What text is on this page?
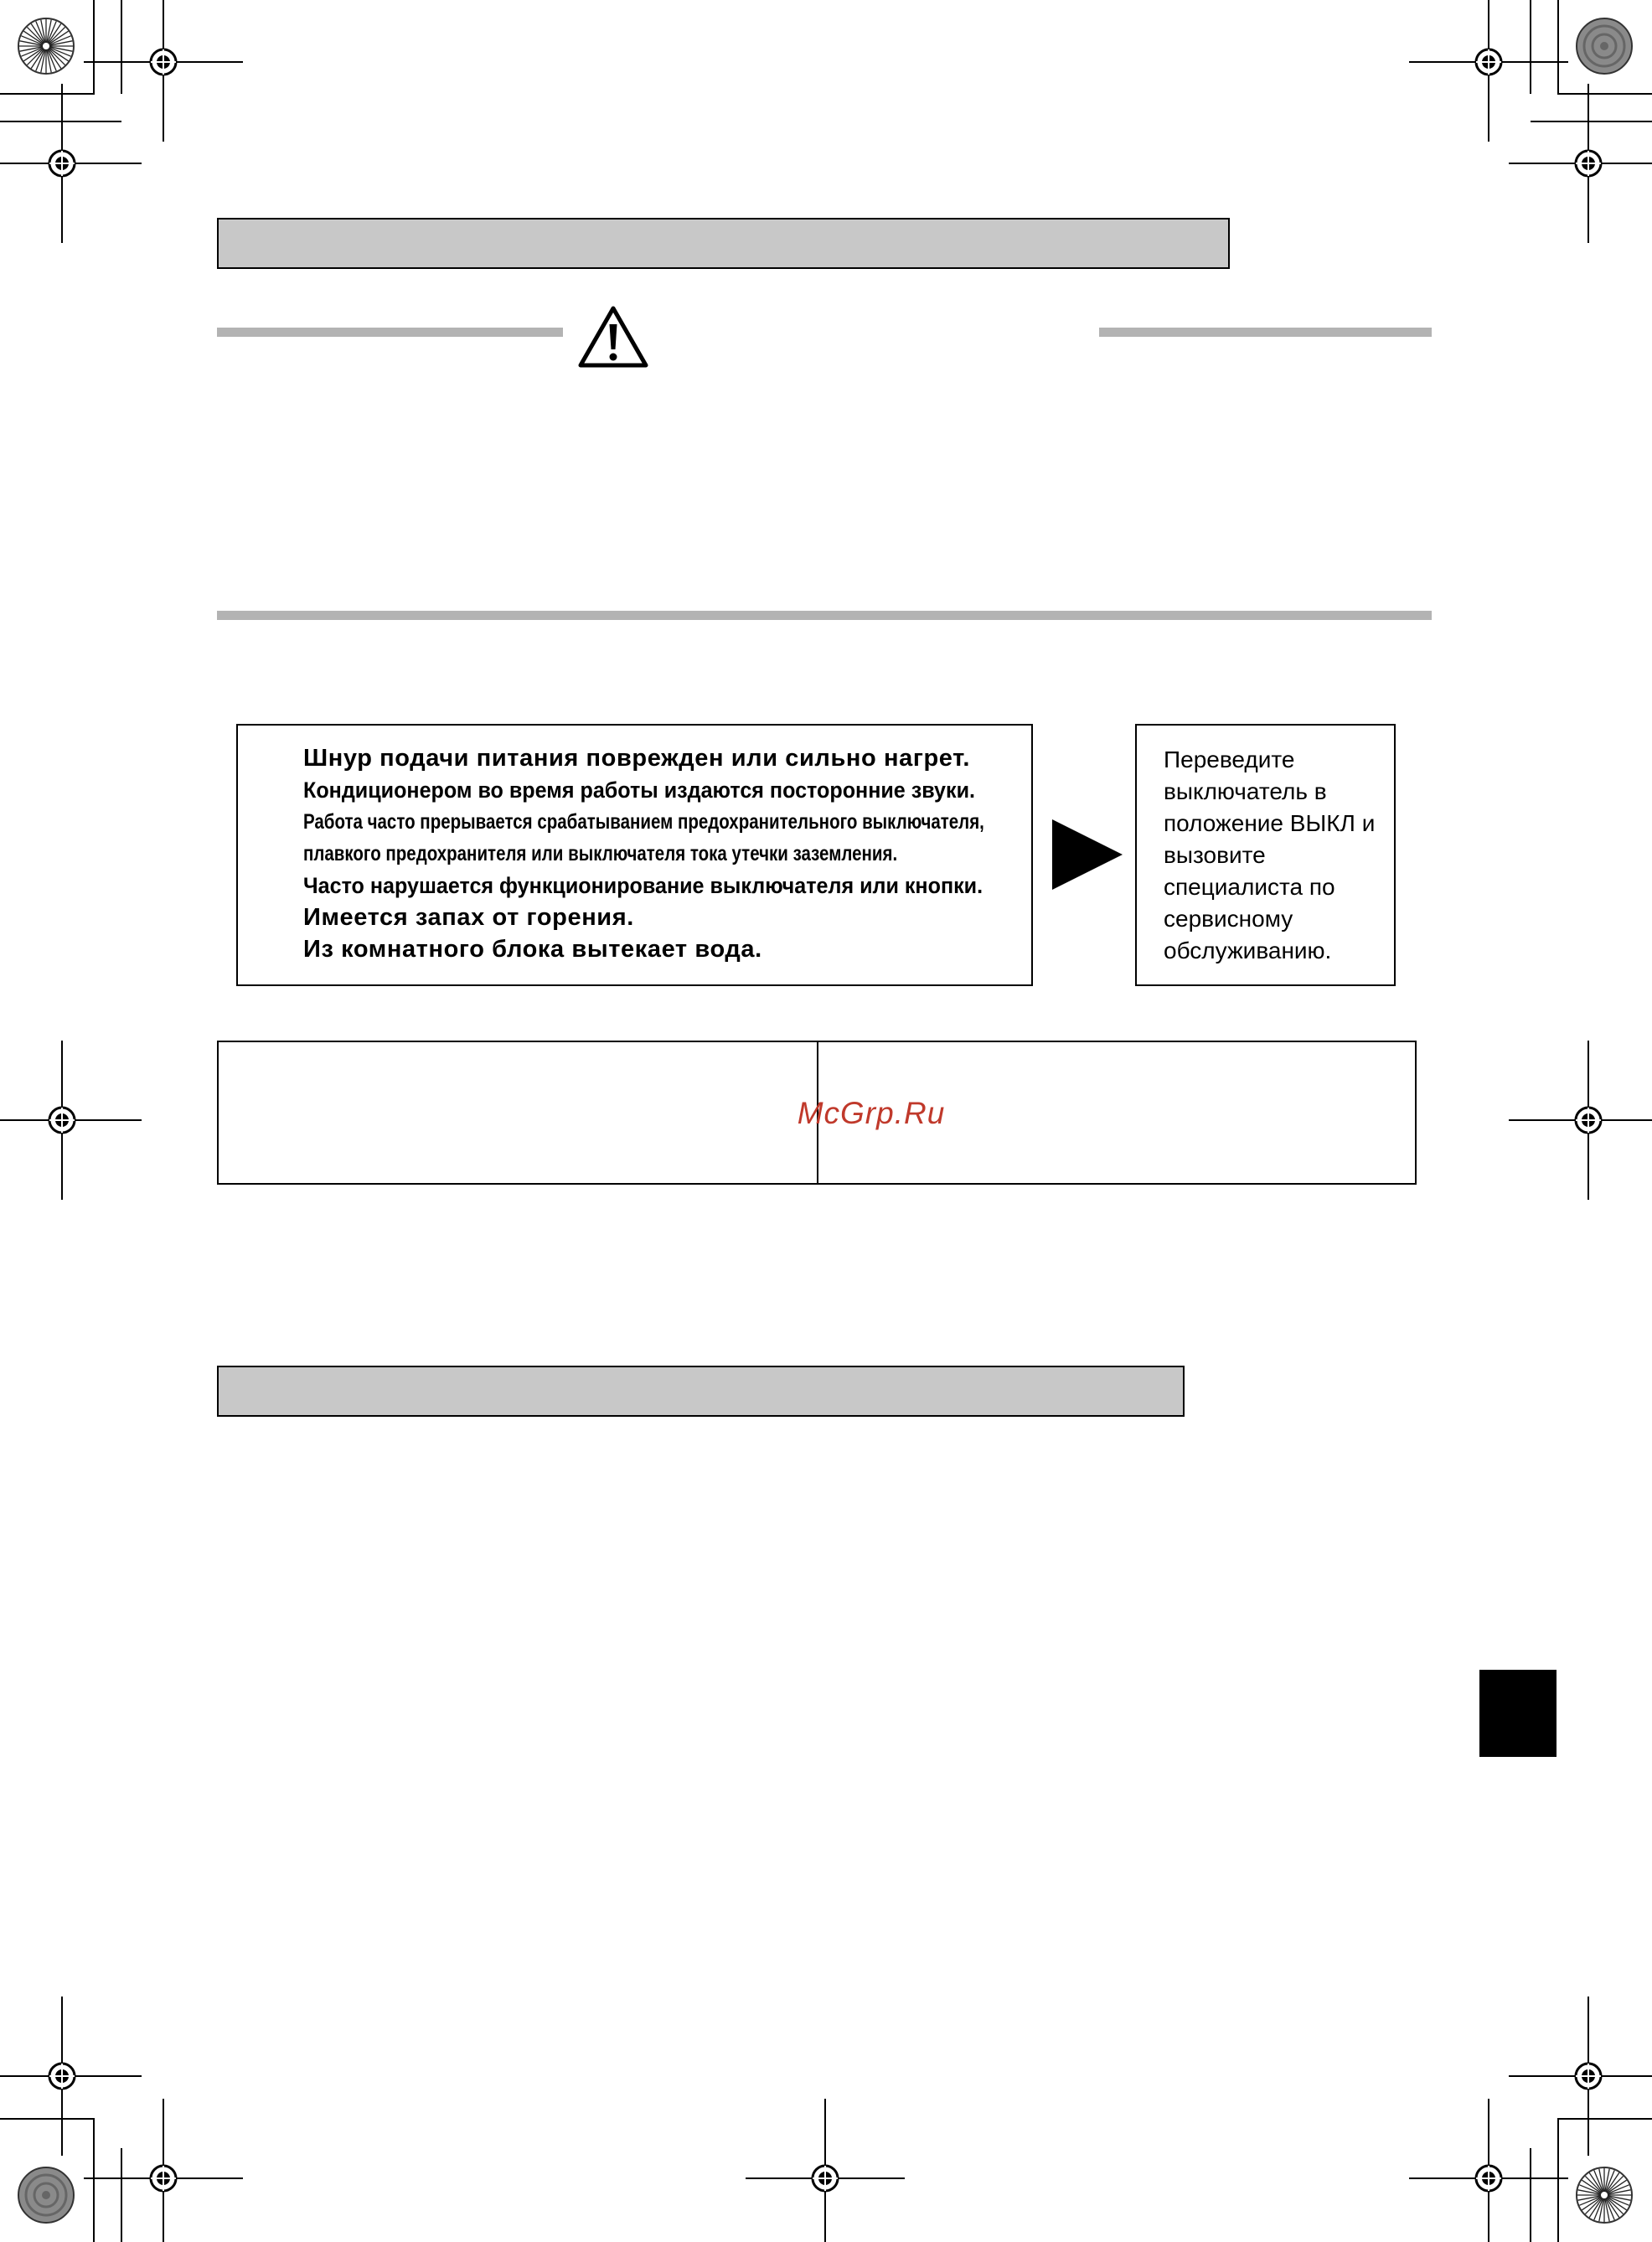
Шнур подачи питания поврежден или сильно нагрет.
Кондиционером во время работы издаются посторонние звуки.
Работа часто прерывается срабатыванием предохранительного выключателя,
плавкого предохранителя или выключателя тока утечки заземления.
Часто нарушается функционирование выключателя или кнопки.
Имеется запах от горения.
Из комнатного блока вытекает вода.
Переведите выключатель в положение ВЫКЛ и вызовите специалиста по сервисному обслуживанию.
McGrp.Ru
